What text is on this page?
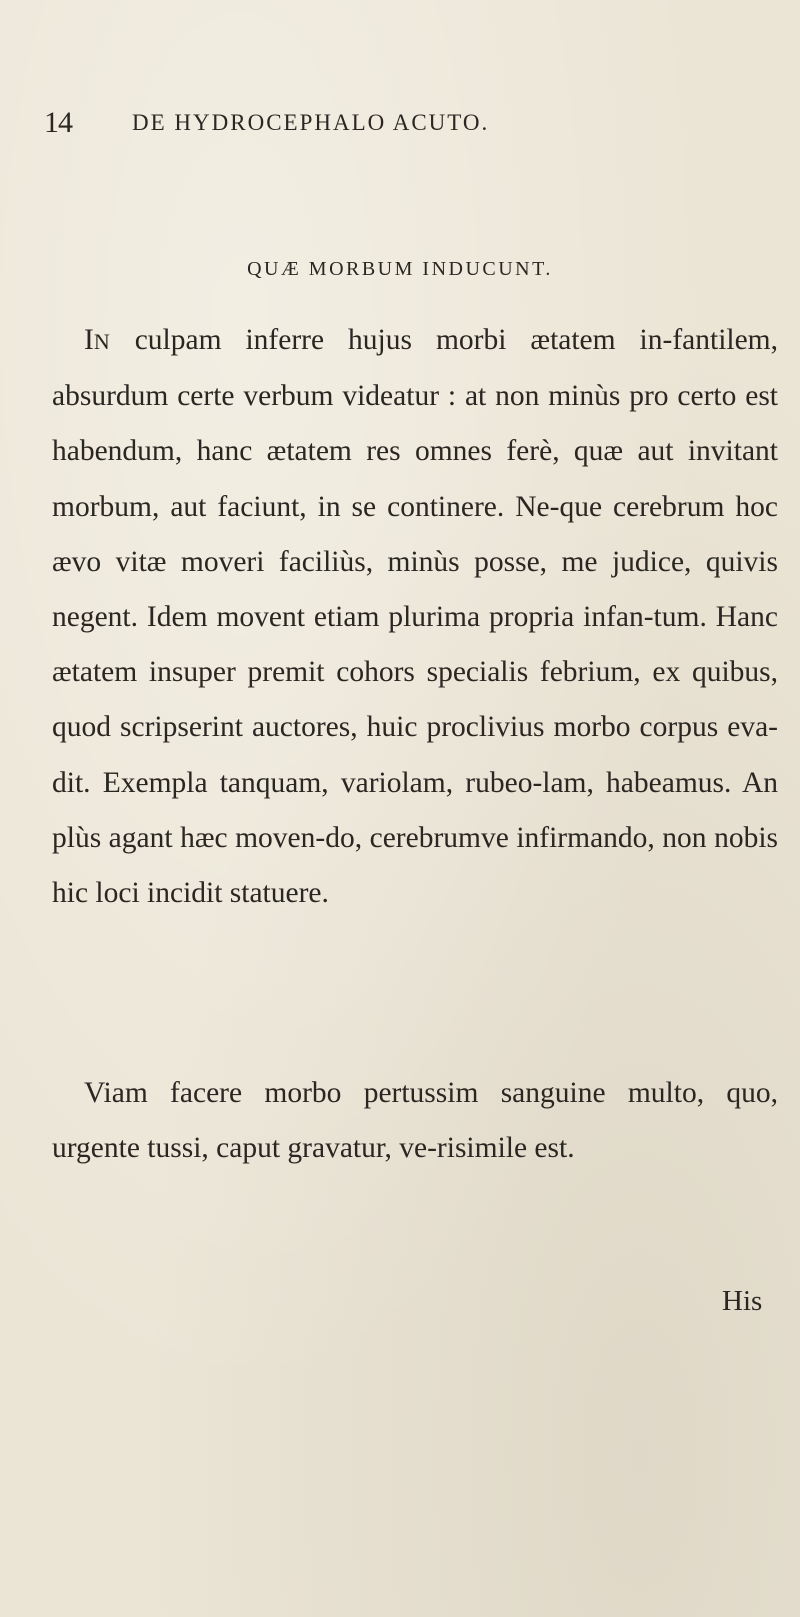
14	DE HYDROCEPHALO ACUTO.
QUÆ MORBUM INDUCUNT.

IN culpam inferre hujus morbi ætatem in-fantilem, absurdum certe verbum videatur : at non minùs pro certo est habendum, hanc ætatem res omnes ferè, quæ aut invitant morbum, aut faciunt, in se continere. Ne-que cerebrum hoc ævo vitæ moveri faciliùs, minùs posse, me judice, quivis negent. Idem movent etiam plurima propria infan-tum. Hanc ætatem insuper premit cohors specialis febrium, ex quibus, quod scripserint auctores, huic proclivius morbo corpus eva-dit. Exempla tanquam, variolam, rubeo-lam, habeamus. An plùs agant hæc moven-do, cerebrumve infirmando, non nobis hic loci incidit statuere.

Viam facere morbo pertussim sanguine multo, quo, urgente tussi, caput gravatur, ve-risimile est.

His
